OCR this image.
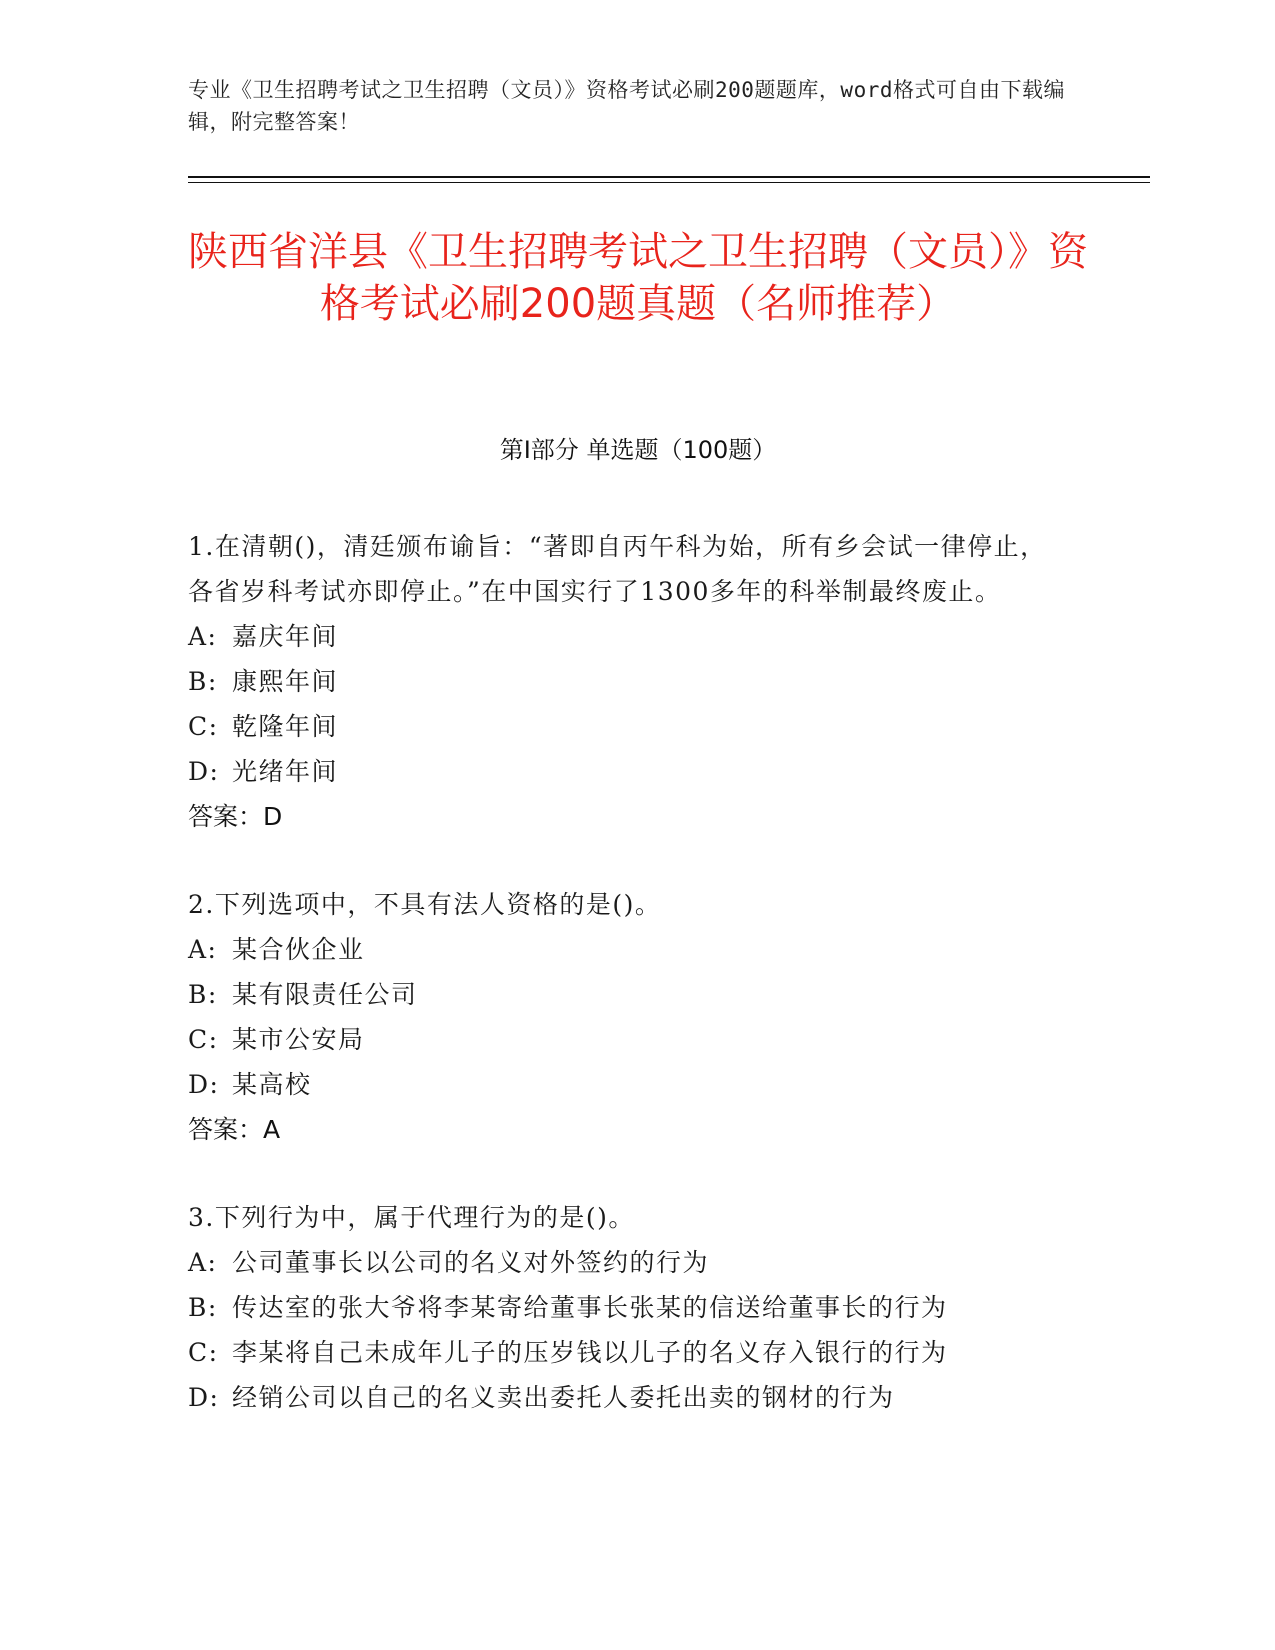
专业《卫生招聘考试之卫生招聘（文员）》资格考试必刷200题题库，word格式可自由下载编辑，附完整答案！
陕西省洋县《卫生招聘考试之卫生招聘（文员）》资格考试必刷200题真题（名师推荐）
第I部分 单选题（100题）
1.在清朝()，清廷颁布谕旨：“著即自丙午科为始，所有乡会试一律停止，各省岁科考试亦即停止。”在中国实行了1300多年的科举制最终废止。
A: 嘉庆年间
B: 康熙年间
C: 乾隆年间
D: 光绪年间
答案：D
2.下列选项中，不具有法人资格的是()。
A: 某合伙企业
B: 某有限责任公司
C: 某市公安局
D: 某高校
答案：A
3.下列行为中，属于代理行为的是()。
A: 公司董事长以公司的名义对外签约的行为
B: 传达室的张大爷将李某寄给董事长张某的信送给董事长的行为
C: 李某将自己未成年儿子的压岁钱以儿子的名义存入银行的行为
D: 经销公司以自己的名义卖出委托人委托出卖的钢材的行为
